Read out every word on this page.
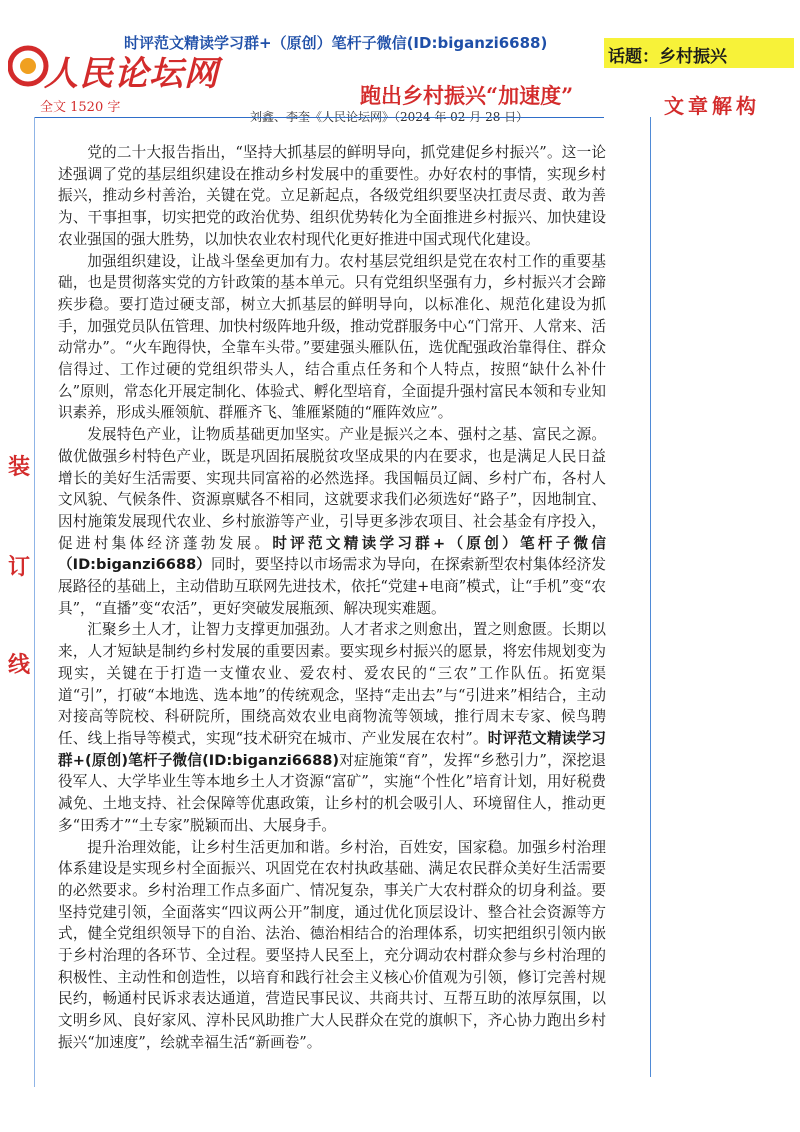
人民论坛网
时评范文精读学习群+（原创）笔杆子微信(ID:biganzi6688)
话题：乡村振兴
跑出乡村振兴“加速度”
全文 1520 字
刘鑫、李奎《人民论坛网》（2024 年 02 月 28 日）	文章解构
装
订
线

党的二十大报告指出，“坚持大抓基层的鲜明导向，抓党建促乡村振兴”。这一论述强调了党的基层组织建设在推动乡村发展中的重要性。办好农村的事情，实现乡村振兴，推动乡村善治，关键在党。立足新起点，各级党组织要坚决扛责尽责、敢为善为、干事担事，切实把党的政治优势、组织优势转化为全面推进乡村振兴、加快建设农业强国的强大胜势，以加快农业农村现代化更好推进中国式现代化建设。

加强组织建设，让战斗堡垒更加有力。农村基层党组织是党在农村工作的重要基础，也是贯彻落实党的方针政策的基本单元。只有党组织坚强有力，乡村振兴才会蹄疾步稳。要打造过硬支部，树立大抓基层的鲜明导向，以标准化、规范化建设为抓手，加强党员队伍管理、加快村级阵地升级，推动党群服务中心“门常开、人常来、活动常办”。“火车跑得快，全靠车头带。”要建强头雁队伍，选优配强政治靠得住、群众信得过、工作过硬的党组织带头人，结合重点任务和个人特点，按照“缺什么补什么”原则，常态化开展定制化、体验式、孵化型培育，全面提升强村富民本领和专业知识素养，形成头雁领航、群雁齐飞、雏雁紧随的“雁阵效应”。

发展特色产业，让物质基础更加坚实。产业是振兴之本、强村之基、富民之源。做优做强乡村特色产业，既是巩固拓展脱贫攻坚成果的内在要求，也是满足人民日益增长的美好生活需要、实现共同富裕的必然选择。我国幅员辽阔、乡村广布，各村人文风貌、气候条件、资源禀赋各不相同，这就要求我们必须选好“路子”，因地制宜、因村施策发展现代农业、乡村旅游等产业，引导更多涉农项目、社会基金有序投入，促进村集体经济蓬勃发展。时评范文精读学习群+（原创）笔杆子微信（ID:biganzi6688）同时，要坚持以市场需求为导向，在探索新型农村集体经济发展路径的基础上，主动借助互联网先进技术，依托“党建+电商”模式，让“手机”变“农具”，“直播”变“农活”，更好突破发展瓶颈、解决现实难题。

汇聚乡土人才，让智力支撑更加强劲。人才者求之则愈出，置之则愈匮。长期以来，人才短缺是制约乡村发展的重要因素。要实现乡村振兴的愿景，将宏伟规划变为现实，关键在于打造一支懂农业、爱农村、爱农民的“三农”工作队伍。拓宽渠道“引”，打破“本地选、选本地”的传统观念，坚持“走出去”与“引进来”相结合，主动对接高等院校、科研院所，围绕高效农业电商物流等领域，推行周末专家、候鸟聘任、线上指导等模式，实现“技术研究在城市、产业发展在农村”。时评范文精读学习群+(原创)笔杆子微信(ID:biganzi6688)对症施策“育”，发挥“乡愁引力”，深挖退役军人、大学毕业生等本地乡土人才资源“富矿”，实施“个性化”培育计划，用好税费减免、土地支持、社会保障等优惠政策，让乡村的机会吸引人、环境留住人，推动更多“田秀才”“土专家”脱颖而出、大展身手。

提升治理效能，让乡村生活更加和谐。乡村治，百姓安，国家稳。加强乡村治理体系建设是实现乡村全面振兴、巩固党在农村执政基础、满足农民群众美好生活需要的必然要求。乡村治理工作点多面广、情况复杂，事关广大农村群众的切身利益。要坚持党建引领，全面落实“四议两公开”制度，通过优化顶层设计、整合社会资源等方式，健全党组织领导下的自治、法治、德治相结合的治理体系，切实把组织引领内嵌于乡村治理的各环节、全过程。要坚持人民至上，充分调动农村群众参与乡村治理的积极性、主动性和创造性，以培育和践行社会主义核心价值观为引领，修订完善村规民约，畅通村民诉求表达通道，营造民事民议、共商共讨、互帮互助的浓厚氛围，以文明乡风、良好家风、淳朴民风助推广大人民群众在党的旗帜下，齐心协力跑出乡村振兴“加速度”，绘就幸福生活“新画卷”。
